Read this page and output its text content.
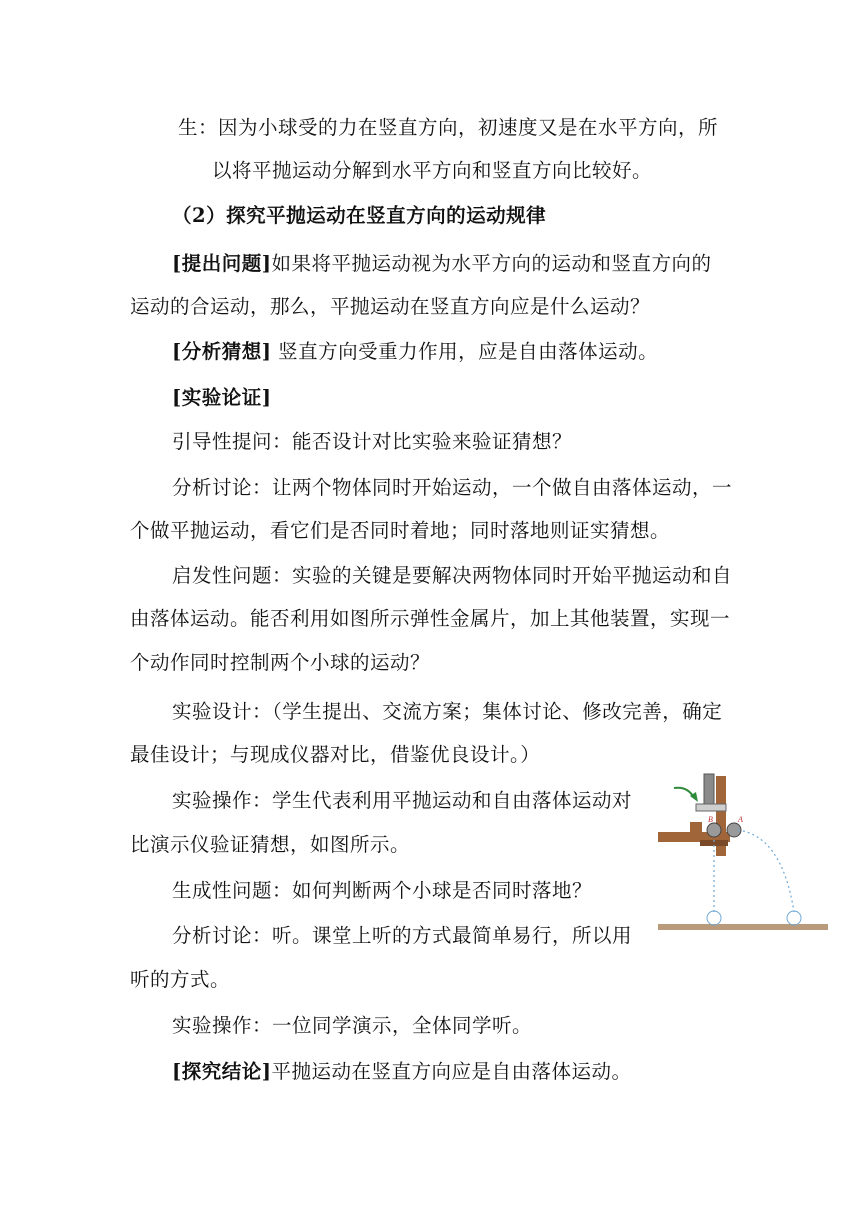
生：因为小球受的力在竖直方向，初速度又是在水平方向，所
以将平抛运动分解到水平方向和竖直方向比较好。
（2）探究平抛运动在竖直方向的运动规律
[提出问题]如果将平抛运动视为水平方向的运动和竖直方向的
运动的合运动，那么，平抛运动在竖直方向应是什么运动？
[分析猜想] 竖直方向受重力作用，应是自由落体运动。
[实验论证]
引导性提问：能否设计对比实验来验证猜想？
分析讨论：让两个物体同时开始运动，一个做自由落体运动，一
个做平抛运动，看它们是否同时着地；同时落地则证实猜想。
启发性问题：实验的关键是要解决两物体同时开始平抛运动和自
由落体运动。能否利用如图所示弹性金属片，加上其他装置，实现一
个动作同时控制两个小球的运动？
实验设计：（学生提出、交流方案；集体讨论、修改完善，确定
最佳设计；与现成仪器对比，借鉴优良设计。）
实验操作：学生代表利用平抛运动和自由落体运动对
比演示仪验证猜想，如图所示。
生成性问题：如何判断两个小球是否同时落地？
分析讨论：听。课堂上听的方式最简单易行，所以用
听的方式。
实验操作：一位同学演示，全体同学听。
[探究结论]平抛运动在竖直方向应是自由落体运动。
B	A
